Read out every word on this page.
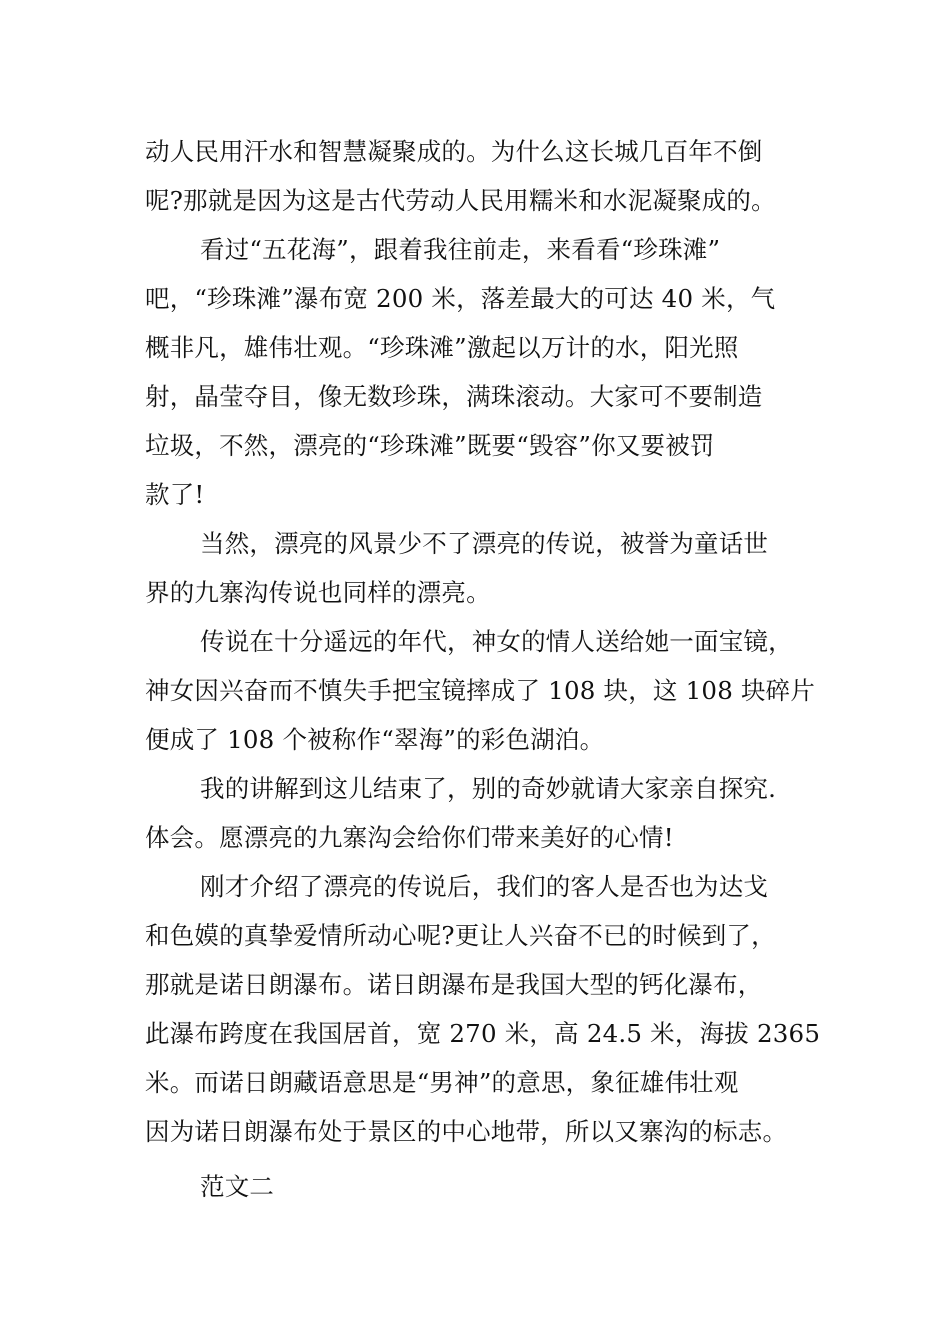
动人民用汗水和智慧凝聚成的。为什么这长城几百年不倒
呢?那就是因为这是古代劳动人民用糯米和水泥凝聚成的。
看过“五花海”，跟着我往前走，来看看“珍珠滩”
吧，“珍珠滩”瀑布宽 200 米，落差最大的可达 40 米，气
概非凡，雄伟壮观。“珍珠滩”激起以万计的水，阳光照
射，晶莹夺目，像无数珍珠，满珠滚动。大家可不要制造
垃圾，不然，漂亮的“珍珠滩”既要“毁容”你又要被罚
款了!
当然，漂亮的风景少不了漂亮的传说，被誉为童话世
界的九寨沟传说也同样的漂亮。
传说在十分遥远的年代，神女的情人送给她一面宝镜，
神女因兴奋而不慎失手把宝镜摔成了 108 块，这 108 块碎片
便成了 108 个被称作“翠海”的彩色湖泊。
我的讲解到这儿结束了，别的奇妙就请大家亲自探究.
体会。愿漂亮的九寨沟会给你们带来美好的心情!
刚才介绍了漂亮的传说后，我们的客人是否也为达戈
和色嫫的真挚爱情所动心呢?更让人兴奋不已的时候到了，
那就是诺日朗瀑布。诺日朗瀑布是我国大型的钙化瀑布，
此瀑布跨度在我国居首，宽 270 米，高 24.5 米，海拔 2365
米。而诺日朗藏语意思是“男神”的意思，象征雄伟壮观
因为诺日朗瀑布处于景区的中心地带，所以又寨沟的标志。
范文二
